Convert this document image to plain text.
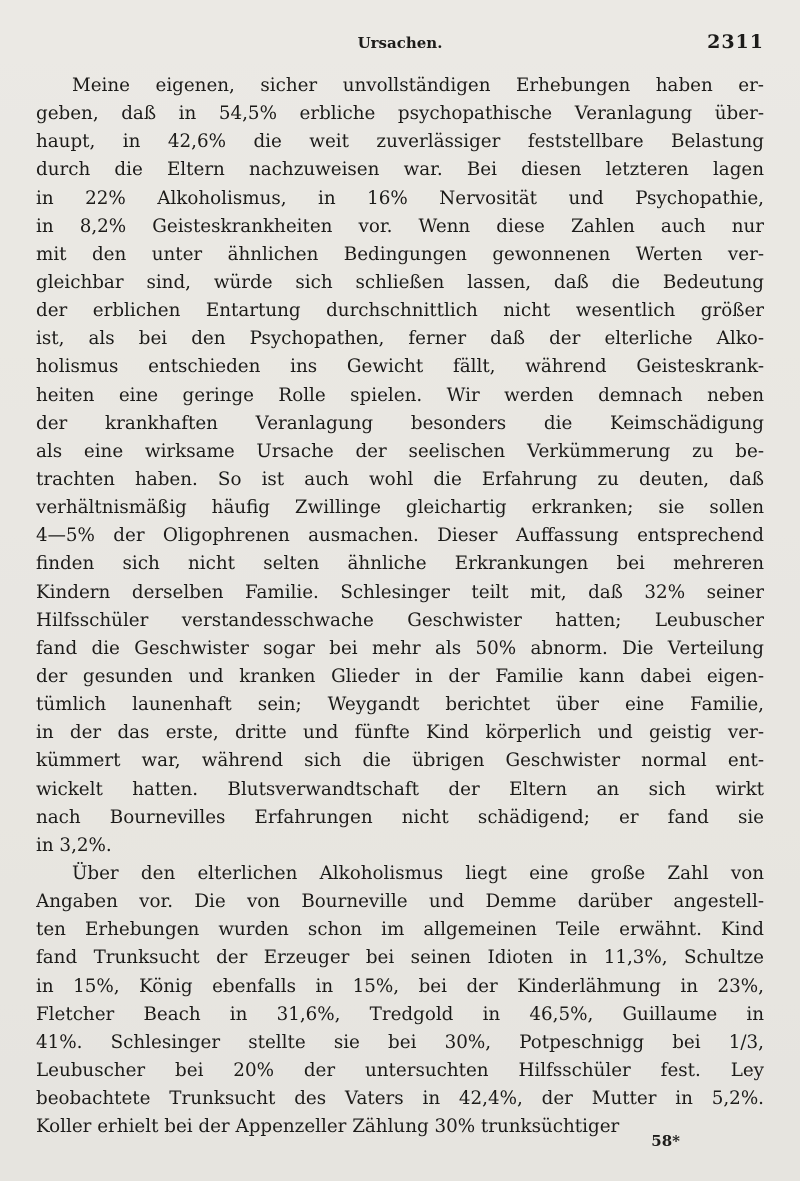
Ursachen.	2311
Meine eigenen, sicher unvollständigen Erhebungen haben er-
geben, daß in 54,5% erbliche psychopathische Veranlagung über-
haupt, in 42,6% die weit zuverlässiger feststellbare Belastung
durch die Eltern nachzuweisen war. Bei diesen letzteren lagen
in 22% Alkoholismus, in 16% Nervosität und Psychopathie,
in 8,2% Geisteskrankheiten vor. Wenn diese Zahlen auch nur
mit den unter ähnlichen Bedingungen gewonnenen Werten ver-
gleichbar sind, würde sich schließen lassen, daß die Bedeutung
der erblichen Entartung durchschnittlich nicht wesentlich größer
ist, als bei den Psychopathen, ferner daß der elterliche Alko-
holismus entschieden ins Gewicht fällt, während Geisteskrank-
heiten eine geringe Rolle spielen. Wir werden demnach neben
der krankhaften Veranlagung besonders die Keimschädigung
als eine wirksame Ursache der seelischen Verkümmerung zu be-
trachten haben. So ist auch wohl die Erfahrung zu deuten, daß
verhältnismäßig häufig Zwillinge gleichartig erkranken; sie sollen
4—5% der Oligophrenen ausmachen. Dieser Auffassung entsprechend
finden sich nicht selten ähnliche Erkrankungen bei mehreren
Kindern derselben Familie. Schlesinger teilt mit, daß 32% seiner
Hilfsschüler verstandesschwache Geschwister hatten; Leubuscher
fand die Geschwister sogar bei mehr als 50% abnorm. Die Verteilung
der gesunden und kranken Glieder in der Familie kann dabei eigen-
tümlich launenhaft sein; Weygandt berichtet über eine Familie,
in der das erste, dritte und fünfte Kind körperlich und geistig ver-
kümmert war, während sich die übrigen Geschwister normal ent-
wickelt hatten. Blutsverwandtschaft der Eltern an sich wirkt
nach Bournevilles Erfahrungen nicht schädigend; er fand sie
in 3,2%.
Über den elterlichen Alkoholismus liegt eine große Zahl von
Angaben vor. Die von Bourneville und Demme darüber angestell-
ten Erhebungen wurden schon im allgemeinen Teile erwähnt. Kind
fand Trunksucht der Erzeuger bei seinen Idioten in 11,3%, Schultze
in 15%, König ebenfalls in 15%, bei der Kinderlähmung in 23%,
Fletcher Beach in 31,6%, Tredgold in 46,5%, Guillaume in
41%. Schlesinger stellte sie bei 30%, Potpeschnigg bei 1/3,
Leubuscher bei 20% der untersuchten Hilfsschüler fest. Ley
beobachtete Trunksucht des Vaters in 42,4%, der Mutter in 5,2%.
Koller erhielt bei der Appenzeller Zählung 30% trunksüchtiger
58*
